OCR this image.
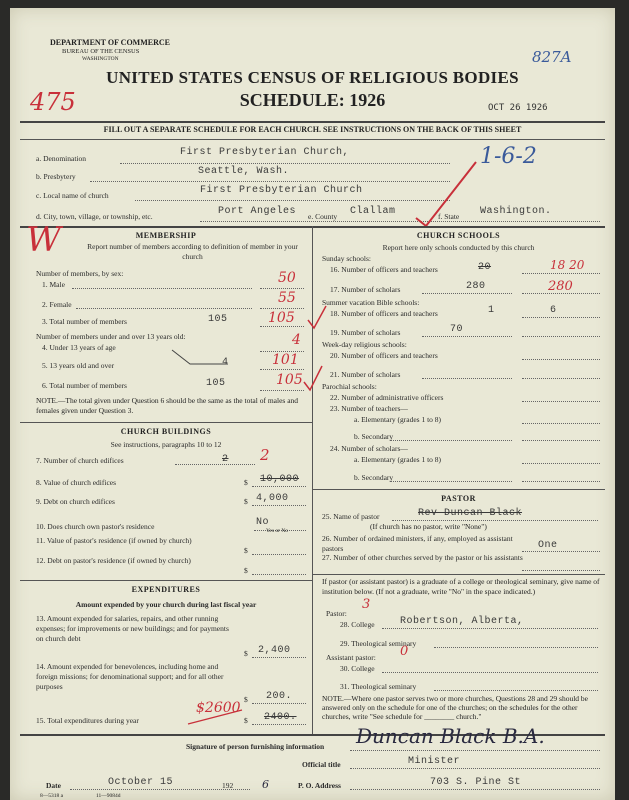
DEPARTMENT OF COMMERCE
BUREAU OF THE CENSUS
WASHINGTON	827A
475
UNITED STATES CENSUS OF RELIGIOUS BODIES
SCHEDULE: 1926	OCT 26 1926
FILL OUT A SEPARATE SCHEDULE FOR EACH CHURCH. SEE INSTRUCTIONS ON THE BACK OF THIS SHEET
a. Denomination
First Presbyterian Church,	1-6-2
b. Presbytery	Seattle, Wash.
c. Local name of church	First Presbyterian Church
d. City, town, village, or township, etc.	Port Angeles e. County Clallam	f. State Washington.
MEMBERSHIP
W	Report number of members according to definition of member in your church
Number of members, by sex:
1. Male	50
2. Female	55
3. Total number of members	105	105
Number of members under and over 13 years old:
4. Under 13 years of age	4
5. 13 years old and over	4	101
6. Total number of members	105	105
NOTE.—The total given under Question 6 should be the same as the total of males and females given under Question 3.
CHURCH BUILDINGS
See instructions, paragraphs 10 to 12
7. Number of church edifices	2 2
8. Value of church edifices	$ 10,000
9. Debt on church edifices	$ 4,000
10. Does church own pastor's residence	No
Yes or No
11. Value of pastor's residence (if owned by church)
$
12. Debt on pastor's residence (if owned by church)
$
EXPENDITURES
Amount expended by your church during last fiscal year
13. Amount expended for salaries, repairs, and other running expenses; for improvements or new buildings; and for payments on church debt
$ 2,400
14. Amount expended for benevolences, including home and foreign missions; for denominational support; and for all other purposes
$ 200.
15. Total expenditures during year	$ 2400.
$2600
CHURCH SCHOOLS
Report here only schools conducted by this church
Sunday schools:
16. Number of officers and teachers	20	18 20
17. Number of scholars	280	280
Summer vacation Bible schools:
18. Number of officers and teachers	1	6
19. Number of scholars	70
Week-day religious schools:
20. Number of officers and teachers
21. Number of scholars
Parochial schools:
22. Number of administrative officers
23. Number of teachers—
a. Elementary (grades 1 to 8)
b. Secondary
24. Number of scholars—
a. Elementary (grades 1 to 8)
b. Secondary
PASTOR
25. Name of pastor	Rev Duncan Black
(If church has no pastor, write "None")
26. Number of ordained ministers, if any, employed as assistant pastors	One
27. Number of other churches served by the pastor or his assistants
If pastor (or assistant pastor) is a graduate of a college or theological seminary, give name of institution below. (If not a graduate, write "No" in the space indicated.)
Pastor:
3
28. College	Robertson, Alberta,
29. Theological seminary
Assistant pastor: 0
30. College
31. Theological seminary
NOTE.—Where one pastor serves two or more churches, Questions 28 and 29 should be answered only on the schedule for one of the churches; on the schedules for the other churches, write "See schedule for ________ church."
Signature of person furnishing information Duncan Black B.A.
Official title	Minister
Date	October 15	192	6	P. O. Address	703 S. Pine St
8—5318 a	11—9084d
